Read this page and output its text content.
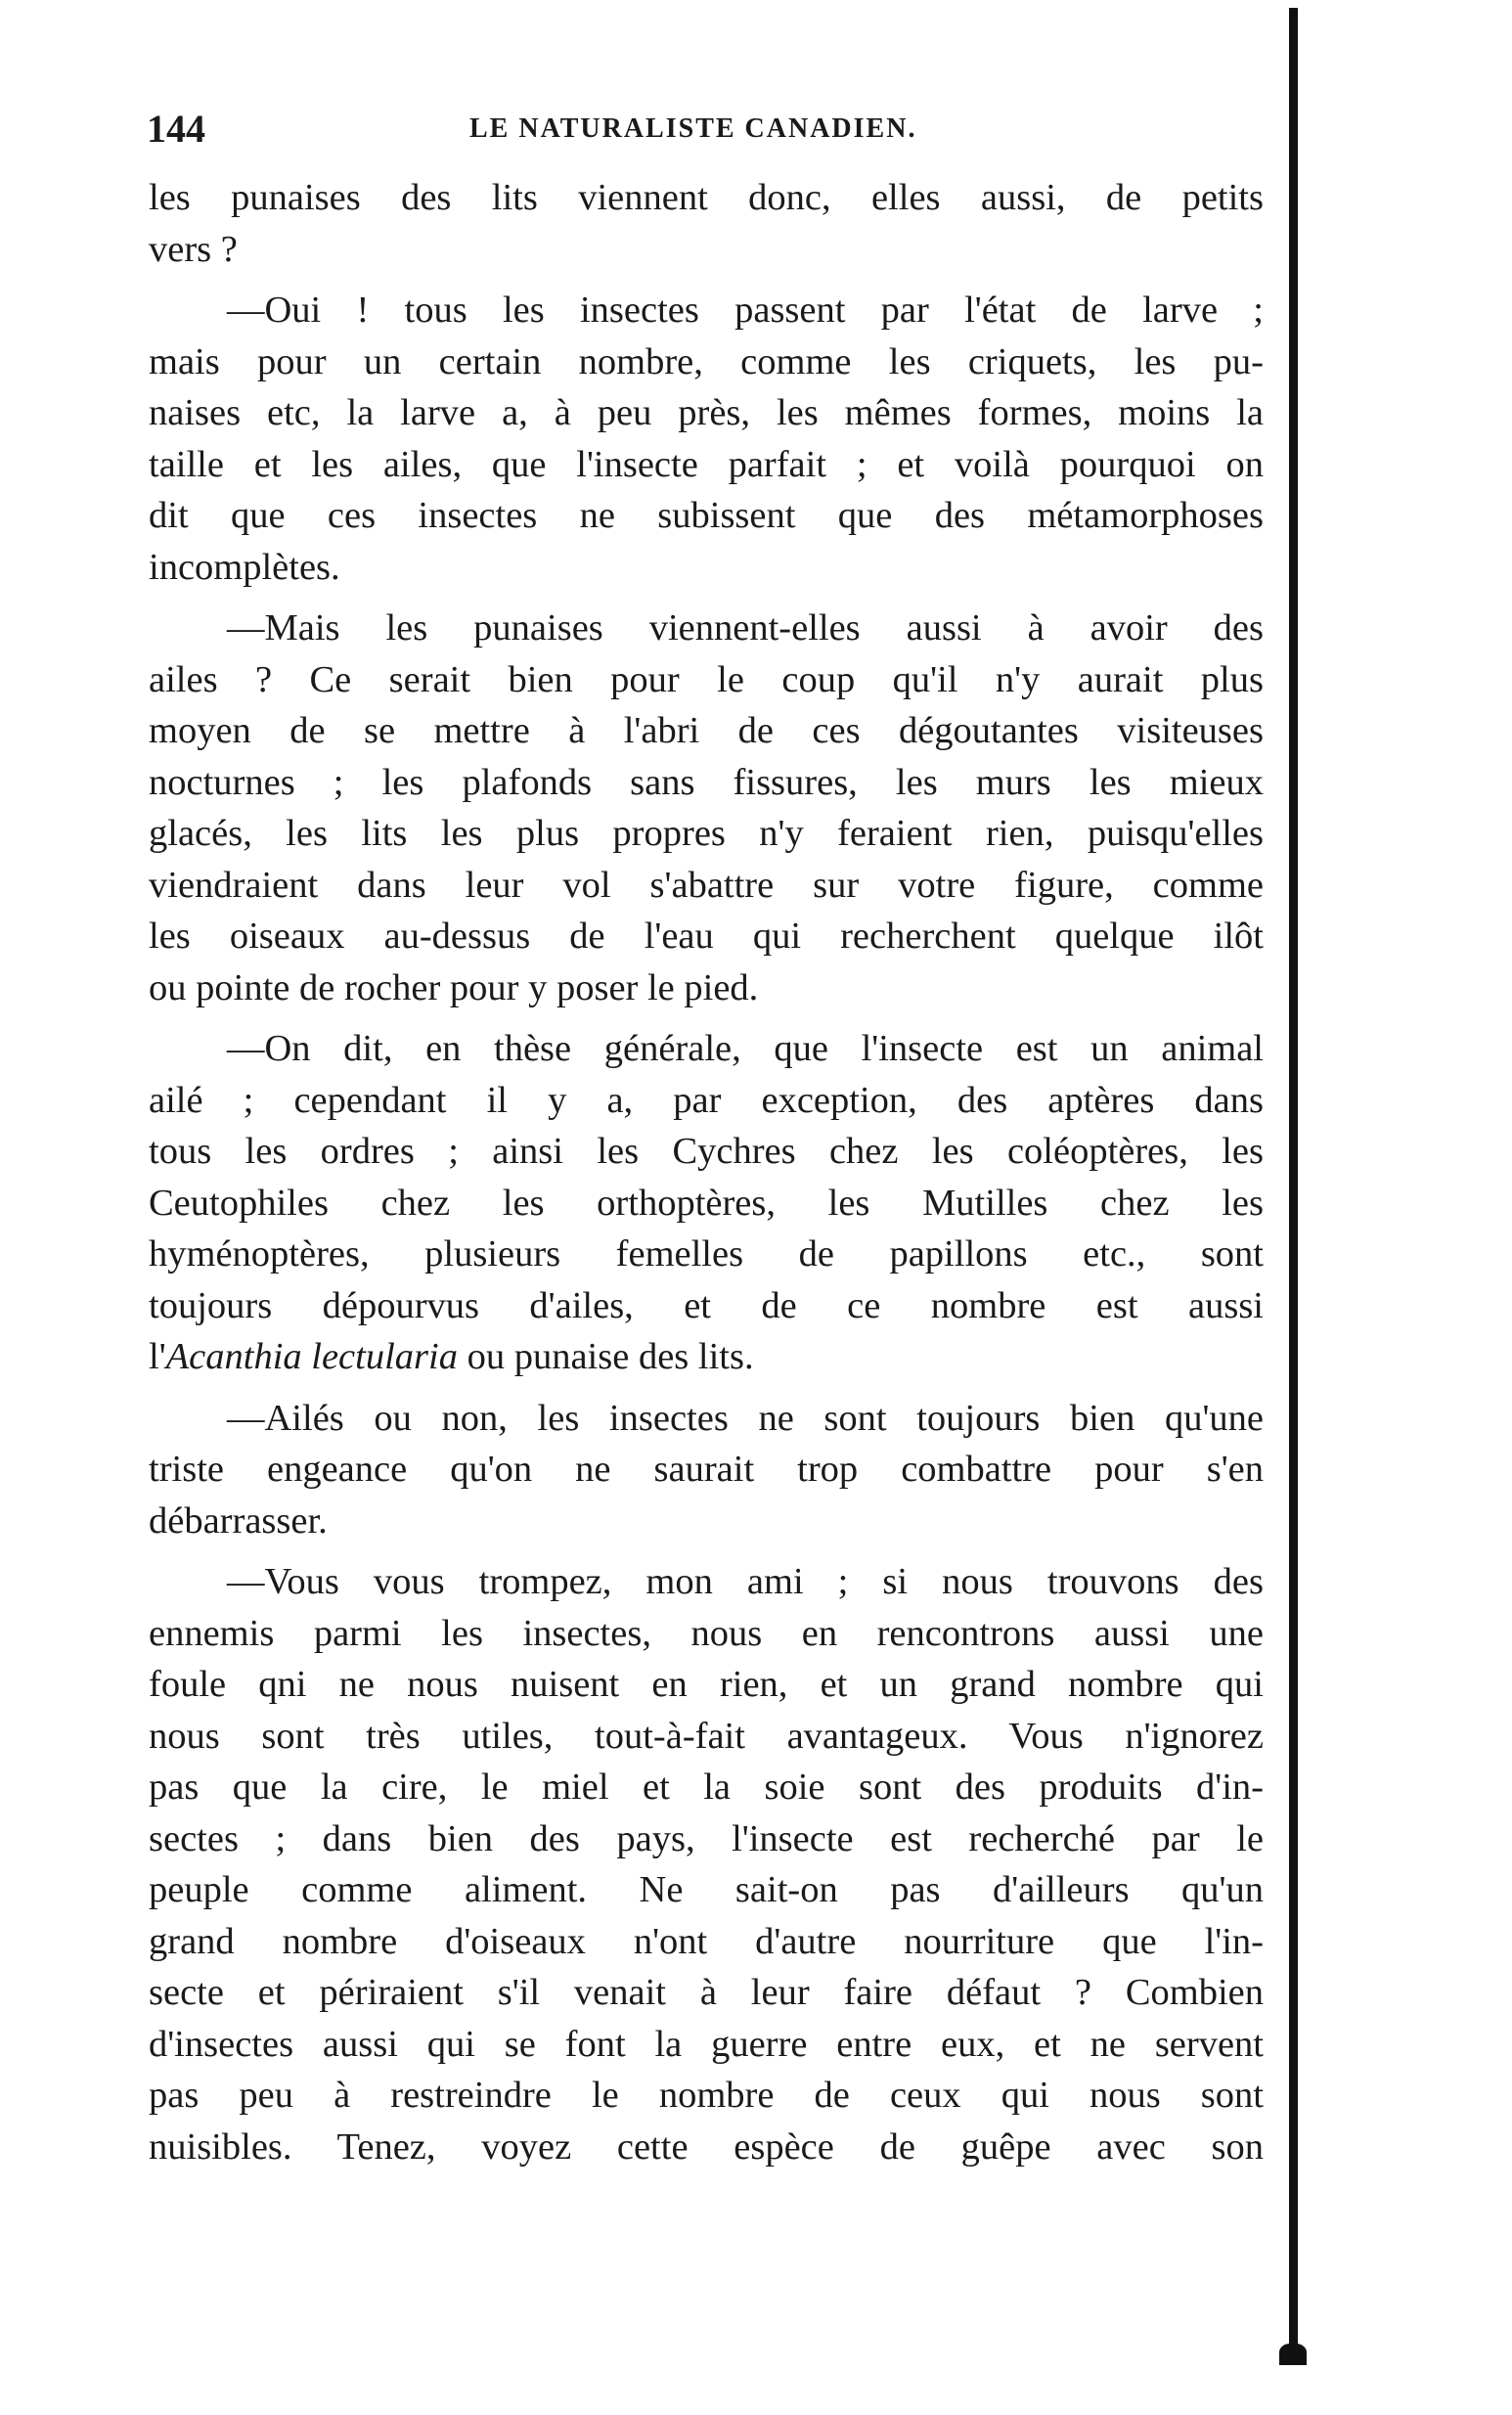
144	LE NATURALISTE CANADIEN.
les punaises des lits viennent donc, elles aussi, de petits
vers ?
—Oui ! tous les insectes passent par l'état de larve ;
mais pour un certain nombre, comme les criquets, les pu-
naises etc, la larve a, à peu près, les mêmes formes, moins la
taille et les ailes, que l'insecte parfait ; et voilà pourquoi on
dit que ces insectes ne subissent que des métamorphoses
incomplètes.
—Mais les punaises viennent-elles aussi à avoir des
ailes ? Ce serait bien pour le coup qu'il n'y aurait plus
moyen de se mettre à l'abri de ces dégoutantes visiteuses
nocturnes ; les plafonds sans fissures, les murs les mieux
glacés, les lits les plus propres n'y feraient rien, puisqu'elles
viendraient dans leur vol s'abattre sur votre figure, comme
les oiseaux au-dessus de l'eau qui recherchent quelque ilôt
ou pointe de rocher pour y poser le pied.
—On dit, en thèse générale, que l'insecte est un animal
ailé ; cependant il y a, par exception, des aptères dans
tous les ordres ; ainsi les Cychres chez les coléoptères, les
Ceutophiles chez les orthoptères, les Mutilles chez les
hyménoptères, plusieurs femelles de papillons etc., sont
toujours dépourvus d'ailes, et de ce nombre est aussi
l'Acanthia lectularia ou punaise des lits.
—Ailés ou non, les insectes ne sont toujours bien qu'une
triste engeance qu'on ne saurait trop combattre pour s'en
débarrasser.
—Vous vous trompez, mon ami ; si nous trouvons des
ennemis parmi les insectes, nous en rencontrons aussi une
foule qni ne nous nuisent en rien, et un grand nombre qui
nous sont très utiles, tout-à-fait avantageux. Vous n'ignorez
pas que la cire, le miel et la soie sont des produits d'in-
sectes ; dans bien des pays, l'insecte est recherché par le
peuple comme aliment. Ne sait-on pas d'ailleurs qu'un
grand nombre d'oiseaux n'ont d'autre nourriture que l'in-
secte et périraient s'il venait à leur faire défaut ? Combien
d'insectes aussi qui se font la guerre entre eux, et ne servent
pas peu à restreindre le nombre de ceux qui nous sont
nuisibles. Tenez, voyez cette espèce de guêpe avec son
